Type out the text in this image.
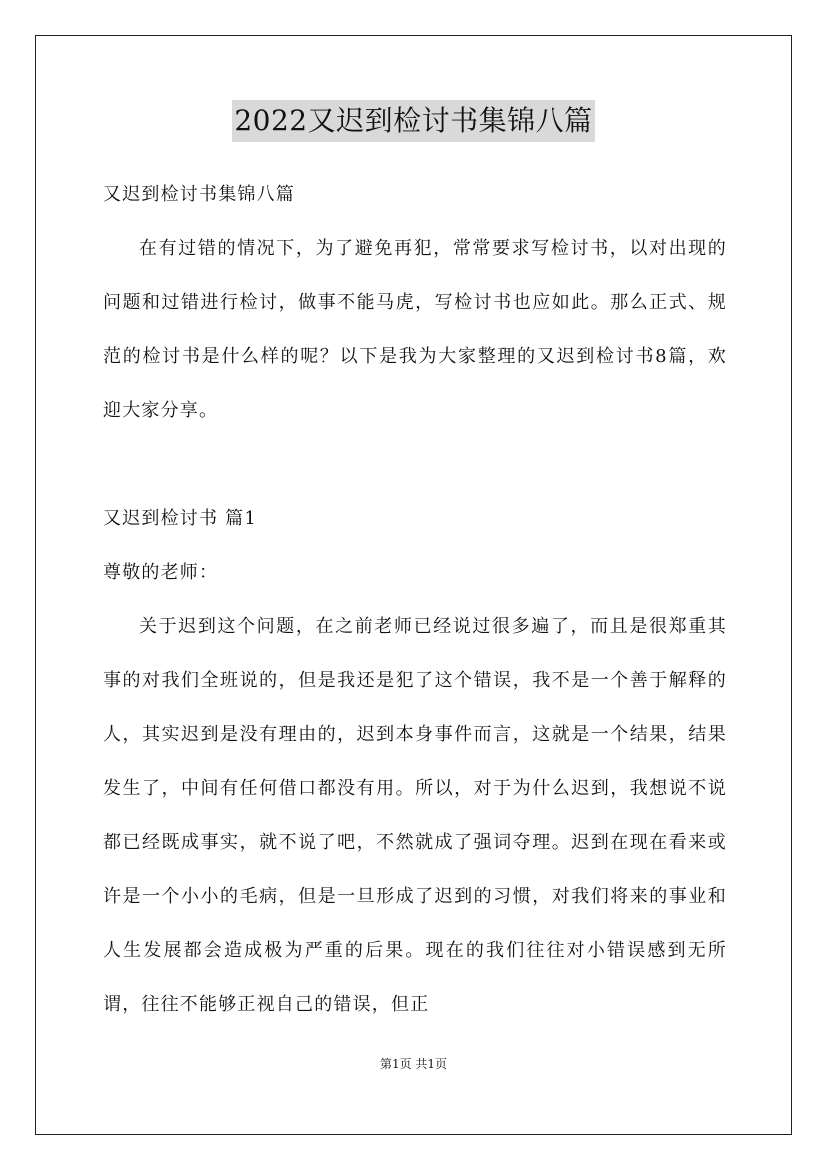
2022又迟到检讨书集锦八篇

又迟到检讨书集锦八篇

在有过错的情况下，为了避免再犯，常常要求写检讨书，以对出现的问题和过错进行检讨，做事不能马虎，写检讨书也应如此。那么正式、规范的检讨书是什么样的呢？以下是我为大家整理的又迟到检讨书8篇，欢迎大家分享。

又迟到检讨书 篇1

尊敬的老师：

关于迟到这个问题，在之前老师已经说过很多遍了，而且是很郑重其事的对我们全班说的，但是我还是犯了这个错误，我不是一个善于解释的人，其实迟到是没有理由的，迟到本身事件而言，这就是一个结果，结果发生了，中间有任何借口都没有用。所以，对于为什么迟到，我想说不说都已经既成事实，就不说了吧，不然就成了强词夺理。迟到在现在看来或许是一个小小的毛病，但是一旦形成了迟到的习惯，对我们将来的事业和人生发展都会造成极为严重的后果。现在的我们往往对小错误感到无所谓，往往不能够正视自己的错误，但正

第1页 共1页
